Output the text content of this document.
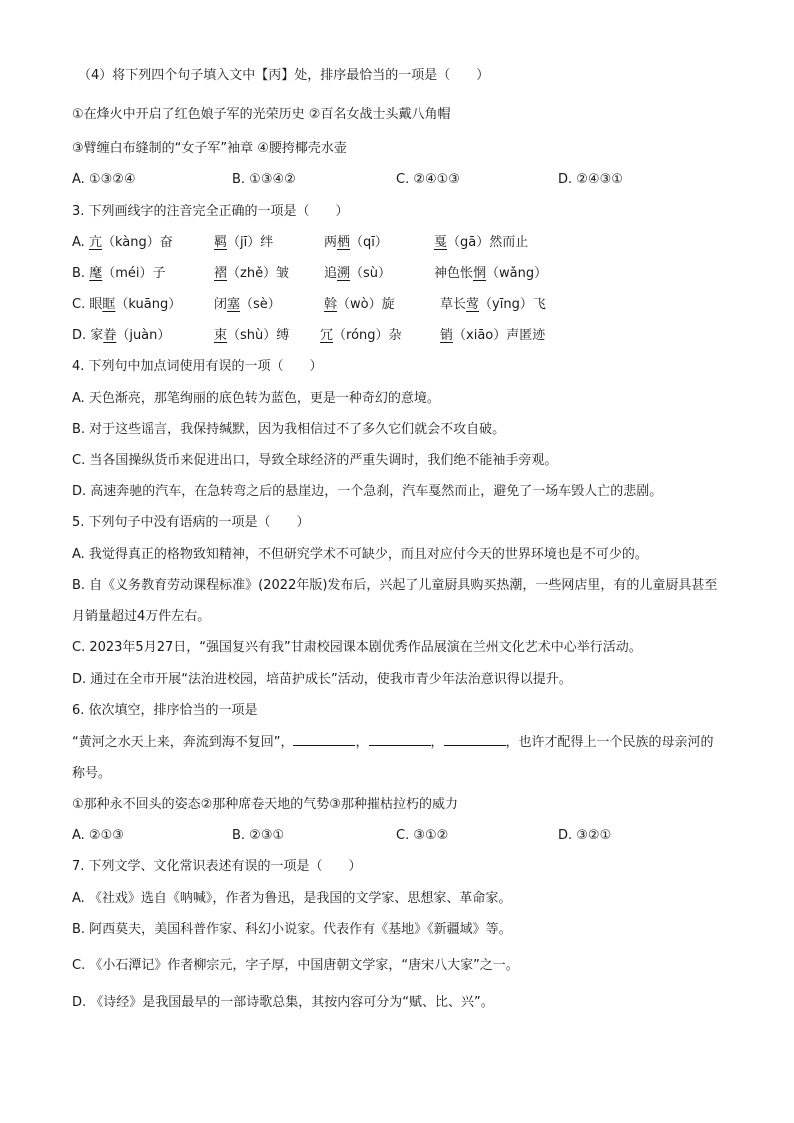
（4）将下列四个句子填入文中【丙】处，排序最恰当的一项是（　　）
①在烽火中开启了红色娘子军的光荣历史 ②百名女战士头戴八角帽
③臂缠白布缝制的“女子军”袖章 ④腰挎椰壳水壶
A. ①③②④	B. ①③④②	C. ②④①③	D. ②④③①
3. 下列画线字的注音完全正确的一项是（　　）
A. 亢（kàng）奋	羁（jī）绊	两栖（qī）	戛（gā）然而止
B. 麾（méi）子	褶（zhě）皱	追溯（sù）	神色怅惘（wǎng）
C. 眼眶（kuāng）	闭塞（sè）	斡（wò）旋	草长莺（yīng）飞
D. 家眷（juàn）	束（shù）缚 冗（róng）杂	销（xiāo）声匿迹
4. 下列句中加点词使用有误的一项（　　）
A. 天色渐亮，那笔绚丽的底色转为蓝色，更是一种奇幻的意境。
B. 对于这些谣言，我保持缄默，因为我相信过不了多久它们就会不攻自破。
C. 当各国操纵货币来促进出口，导致全球经济的严重失调时，我们绝不能袖手旁观。
D. 高速奔驰的汽车，在急转弯之后的悬崖边，一个急刹，汽车戛然而止，避免了一场车毁人亡的悲剧。
5. 下列句子中没有语病的一项是（　　）
A. 我觉得真正的格物致知精神，不但研究学术不可缺少，而且对应付今天的世界环境也是不可少的。
B. 自《义务教育劳动课程标准》(2022年版)发布后，兴起了儿童厨具购买热潮，一些网店里，有的儿童厨具甚至月销量超过4万件左右。
C. 2023年5月27日，“强国复兴有我”甘肃校园课本剧优秀作品展演在兰州文化艺术中心举行活动。
D. 通过在全市开展“法治进校园，培苗护成长”活动，使我市青少年法治意识得以提升。
6. 依次填空，排序恰当的一项是
“黄河之水天上来，奔流到海不复回”，	，	，	，也许才配得上一个民族的母亲河的称号。
①那种永不回头的姿态②那种席卷天地的气势③那种摧枯拉朽的威力
A. ②①③	B. ②③①	C. ③①②	D. ③②①
7. 下列文学、文化常识表述有误的一项是（　　）
A. 《社戏》选自《呐喊》，作者为鲁迅，是我国的文学家、思想家、革命家。
B. 阿西莫夫，美国科普作家、科幻小说家。代表作有《基地》《新疆域》等。
C. 《小石潭记》作者柳宗元，字子厚，中国唐朝文学家，“唐宋八大家”之一。
D. 《诗经》是我国最早的一部诗歌总集，其按内容可分为“赋、比、兴”。
